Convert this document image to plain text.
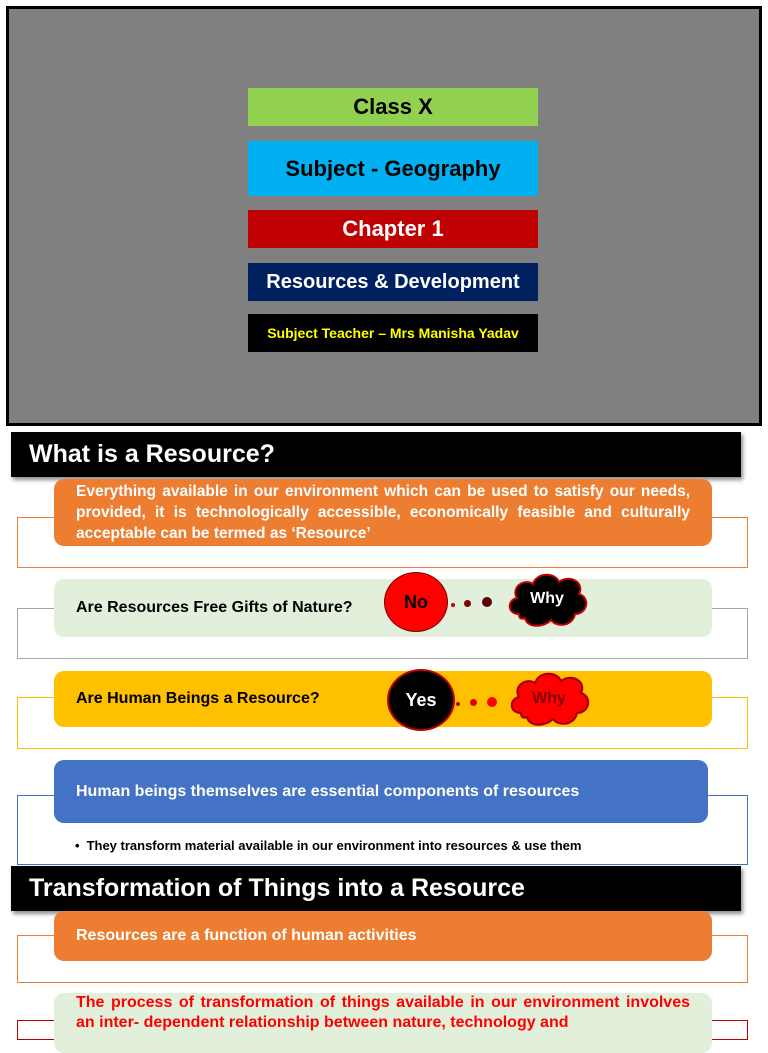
Class X
Subject - Geography
Chapter 1
Resources & Development
Subject Teacher – Mrs Manisha Yadav
What is a Resource?
Everything available in our environment which can be used to satisfy our needs, provided, it is technologically accessible, economically feasible and culturally acceptable can be termed as ‘Resource’
Are Resources Free Gifts of Nature?	No	Why
Are Human Beings a Resource?	Yes	Why
Human beings themselves are essential components of resources
• They transform material available in our environment into resources & use them
Transformation of Things into a Resource
Resources are a function of human activities
The process of transformation of things available in our environment involves an inter- dependent relationship between nature, technology and
